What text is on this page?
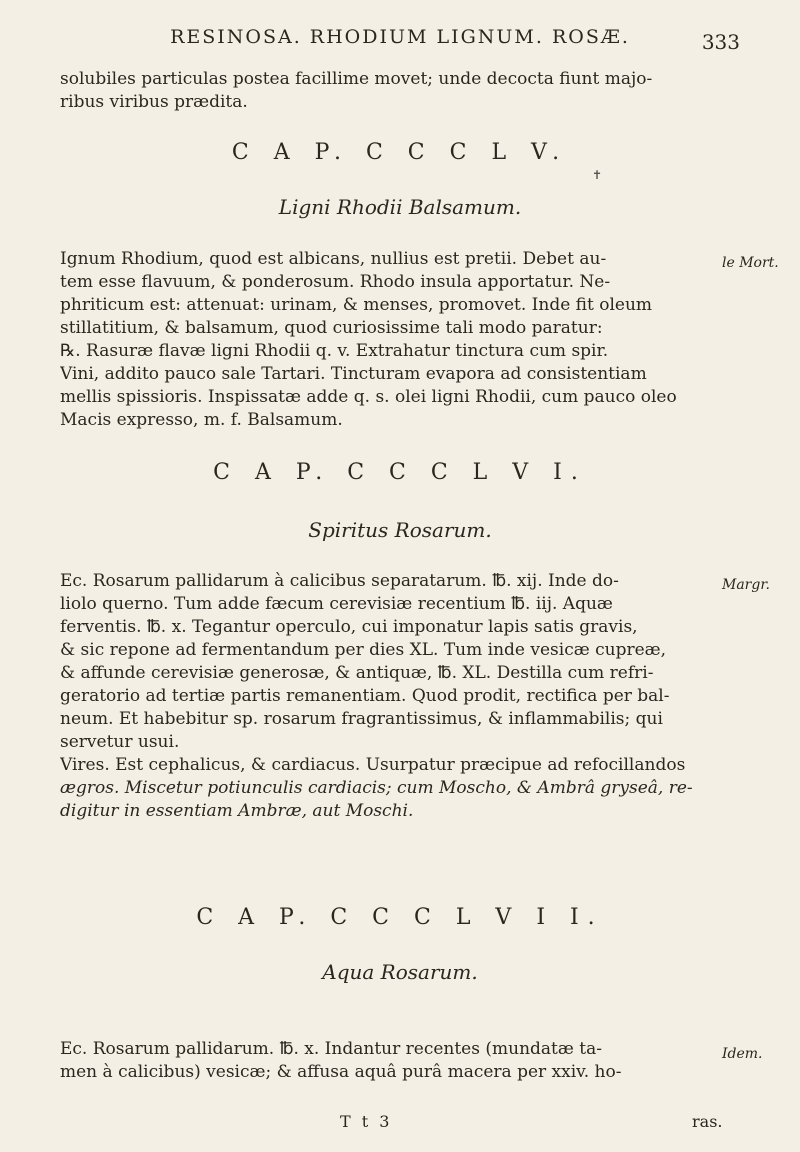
RESINOSA. RHODIUM LIGNUM. ROSÆ.	333
solubiles particulas postea facillime movet; unde decocta fiunt majo-
ribus viribus prædita.
C A P. C C C L V.
✝
Ligni Rhodii Balsamum.
le Mort.
Ignum Rhodium, quod est albicans, nullius est pretii. Debet au-
tem esse flavuum, & ponderosum. Rhodo insula apportatur. Ne-
phriticum est: attenuat: urinam, & menses, promovet. Inde fit oleum
stillatitium, & balsamum, quod curiosissime tali modo paratur:
℞. Rasuræ flavæ ligni Rhodii q. v. Extrahatur tinctura cum spir.
Vini, addito pauco sale Tartari. Tincturam evapora ad consistentiam
mellis spissioris. Inspissatæ adde q. s. olei ligni Rhodii, cum pauco oleo
Macis expresso, m. f. Balsamum.
C A P. C C C L V I.
Spiritus Rosarum.
Margr.
Ec. Rosarum pallidarum à calicibus separatarum. ℔. xij. Inde do-
liolo querno. Tum adde fæcum cerevisiæ recentium ℔. iij. Aquæ
ferventis. ℔. x. Tegantur operculo, cui imponatur lapis satis gravis,
& sic repone ad fermentandum per dies XL. Tum inde vesicæ cupreæ,
& affunde cerevisiæ generosæ, & antiquæ, ℔. XL. Destilla cum refri-
geratorio ad tertiæ partis remanentiam. Quod prodit, rectifica per bal-
neum. Et habebitur sp. rosarum fragrantissimus, & inflammabilis; qui
servetur usui.
Vires. Est cephalicus, & cardiacus. Usurpatur præcipue ad refocillandos
ægros. Miscetur potiunculis cardiacis; cum Moscho, & Ambrâ gryseâ, re-
digitur in essentiam Ambræ, aut Moschi.
C A P. C C C L V I I.
Aqua Rosarum.
Idem.
Ec. Rosarum pallidarum. ℔. x. Indantur recentes (mundatæ ta-
men à calicibus) vesicæ; & affusa aquâ purâ macera per xxiv. ho-
T t 3	ras.
